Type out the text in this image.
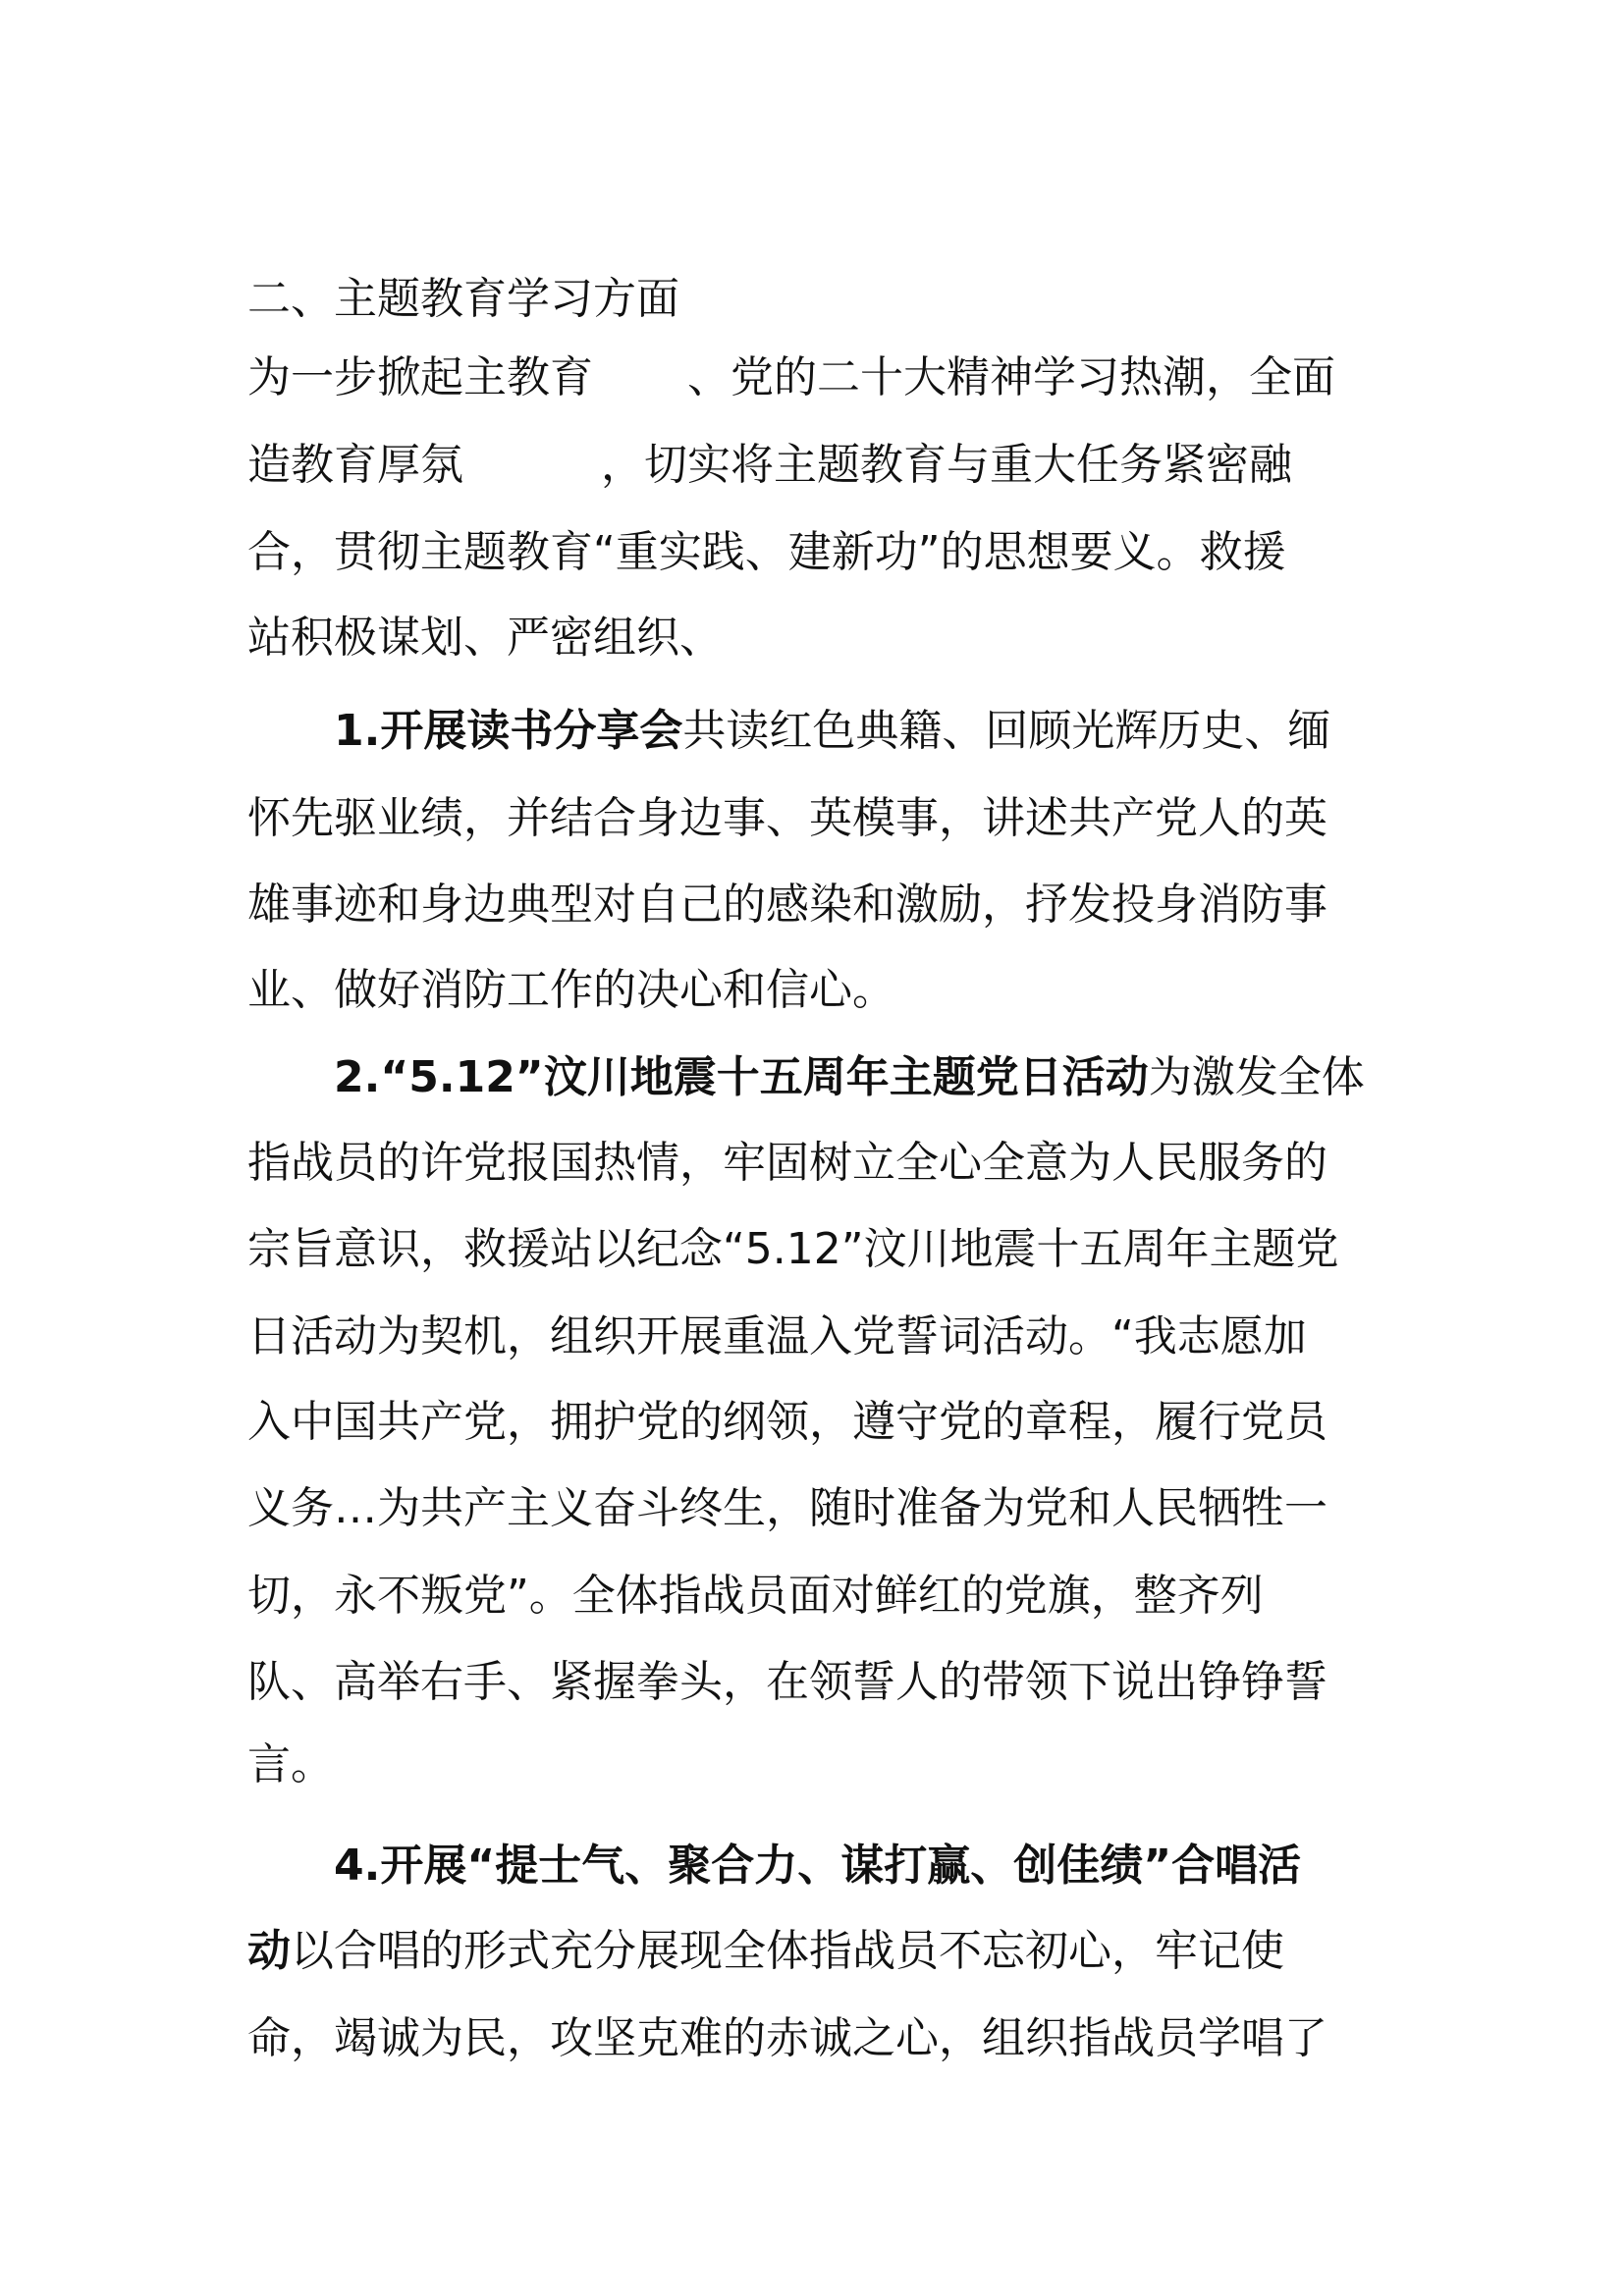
二、主题教育学习方面

为一步掀起主教育 、党的二十大精神学习热潮，全面

造教育厚氛	，切实将主题教育与重大任务紧密融

合，贯彻主题教育“重实践、建新功”的思想要义。救援

站积极谋划、严密组织、

1.开展读书分享会共读红色典籍、回顾光辉历史、缅

怀先驱业绩，并结合身边事、英模事，讲述共产党人的英

雄事迹和身边典型对自己的感染和激励，抒发投身消防事

业、做好消防工作的决心和信心。

2.“5.12”汶川地震十五周年主题党日活动为激发全体

指战员的许党报国热情，牢固树立全心全意为人民服务的

宗旨意识，救援站以纪念“5.12”汶川地震十五周年主题党

日活动为契机，组织开展重温入党誓词活动。“我志愿加

入中国共产党，拥护党的纲领，遵守党的章程，履行党员

义务…为共产主义奋斗终生，随时准备为党和人民牺牲一

切，永不叛党”。全体指战员面对鲜红的党旗，整齐列

队、高举右手、紧握拳头，在领誓人的带领下说出铮铮誓

言。

4.开展“提士气、聚合力、谋打赢、创佳绩”合唱活

动以合唱的形式充分展现全体指战员不忘初心，牢记使

命，竭诚为民，攻坚克难的赤诚之心，组织指战员学唱了
